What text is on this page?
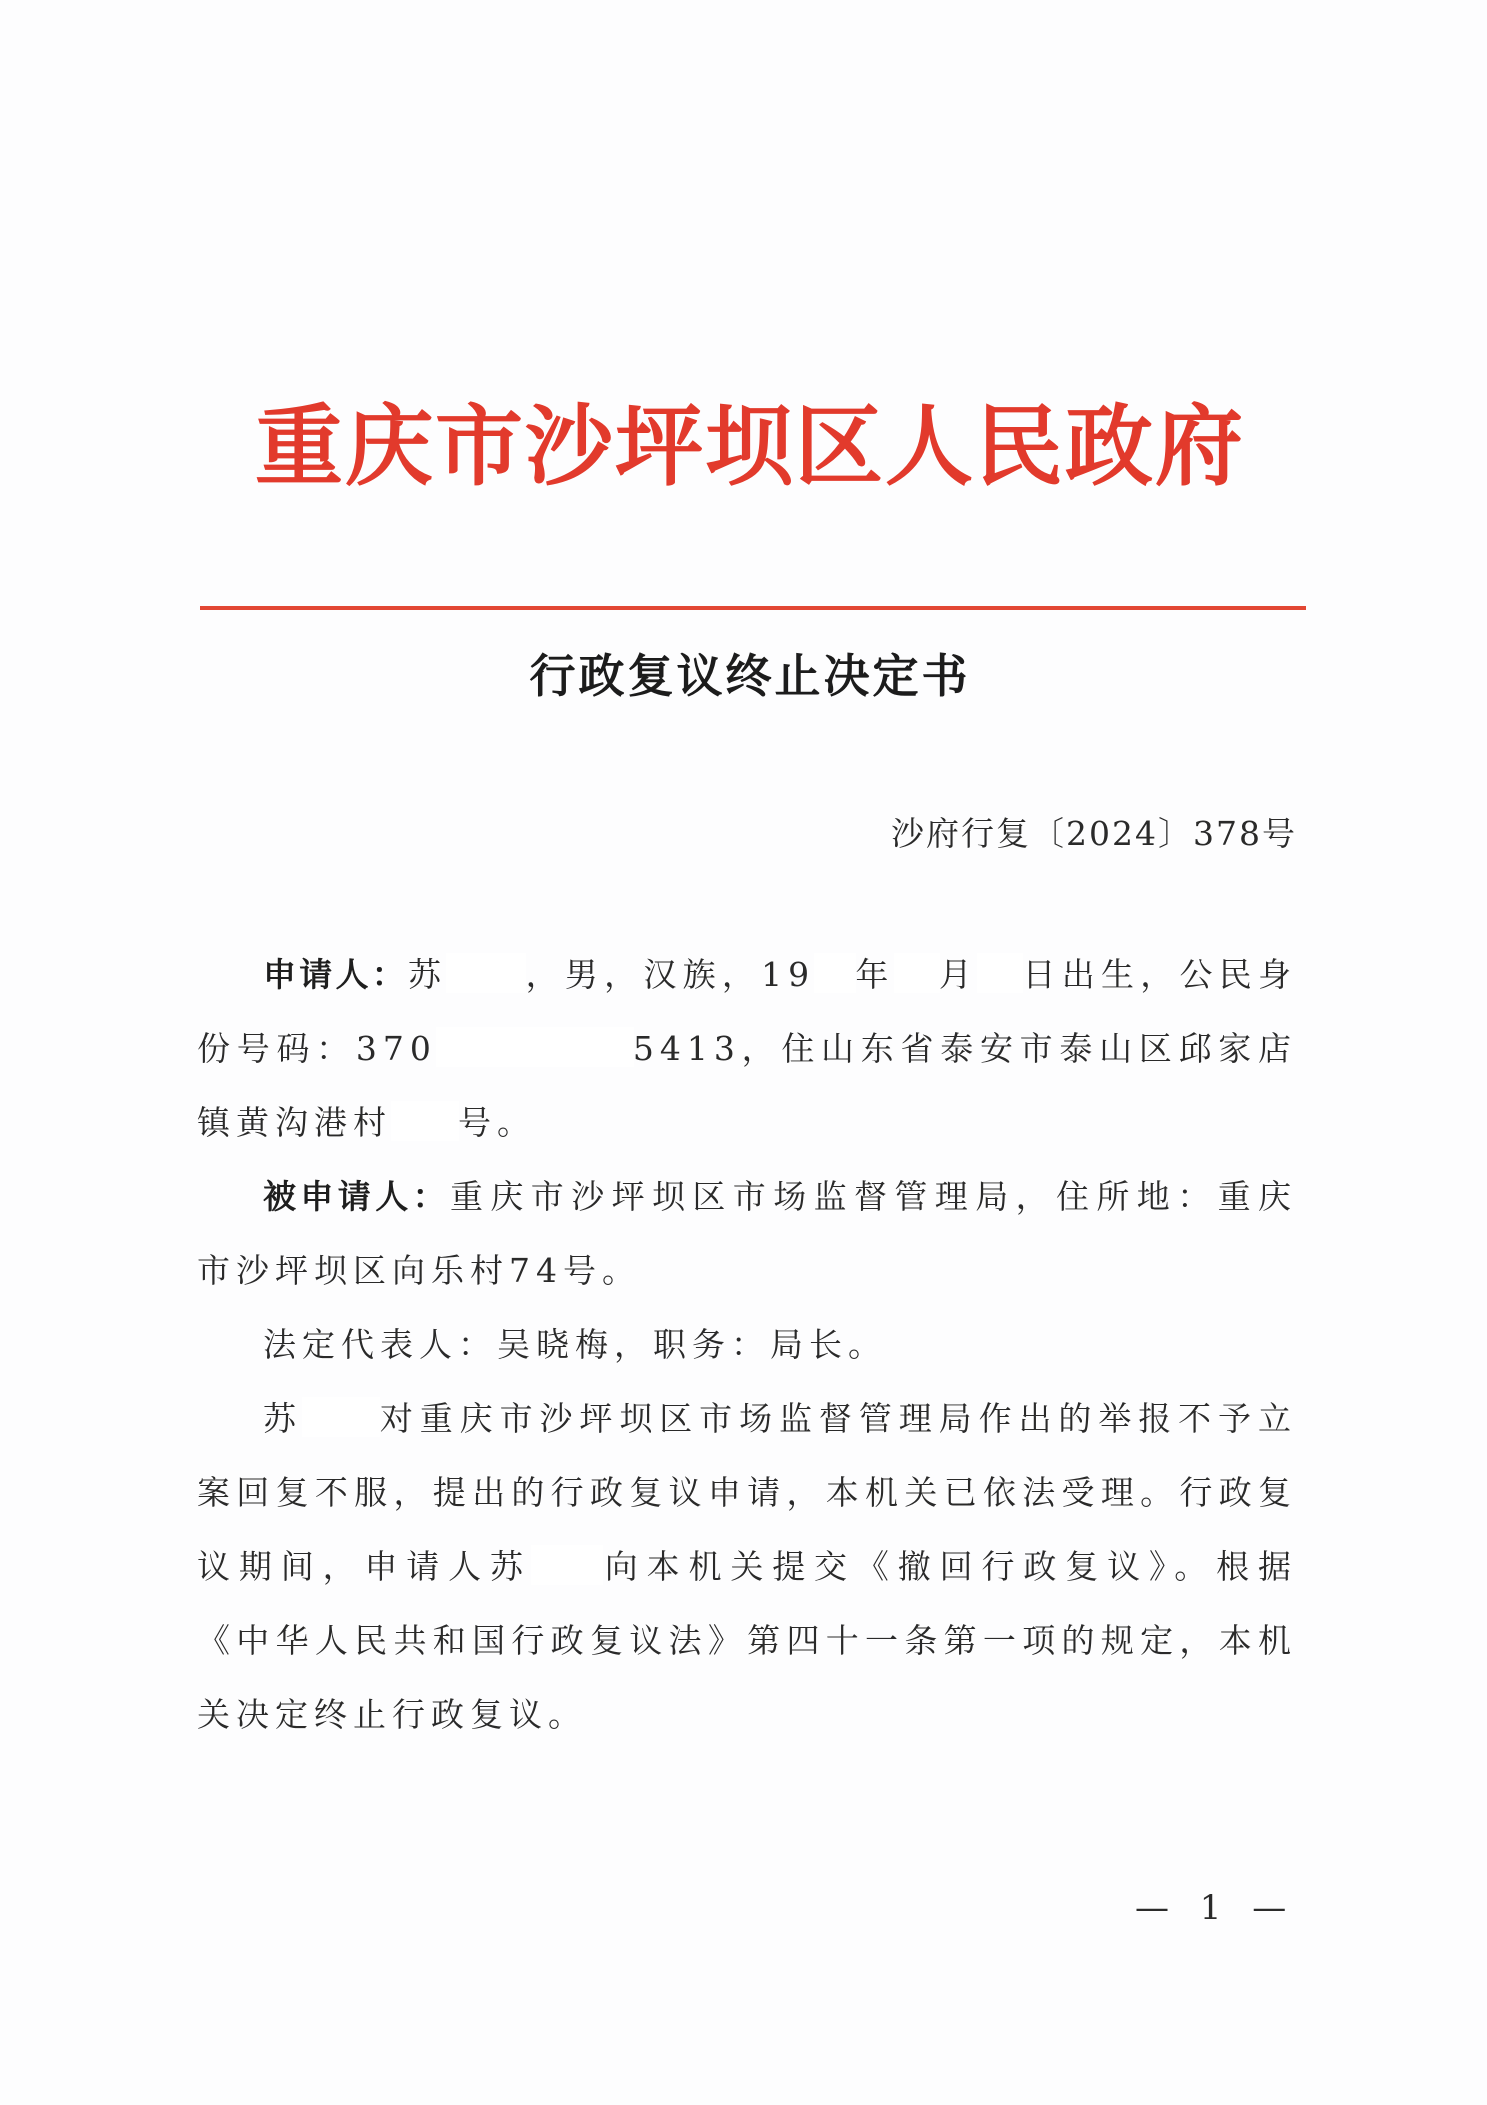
重庆市沙坪坝区人民政府
行政复议终止决定书
沙府行复〔2024〕378号

申请人：苏 ，男，汉族，19 年 月 日出生，公民身份号码：370	5413，住山东省泰安市泰山区邱家店镇黄沟港村 号。

被申请人：重庆市沙坪坝区市场监督管理局，住所地：重庆市沙坪坝区向乐村74号。

法定代表人：吴晓梅，职务：局长。

苏 对重庆市沙坪坝区市场监督管理局作出的举报不予立案回复不服，提出的行政复议申请，本机关已依法受理。行政复议期间，申请人苏 向本机关提交《撤回行政复议》。根据《中华人民共和国行政复议法》第四十一条第一项的规定，本机关决定终止行政复议。

— 1 —
